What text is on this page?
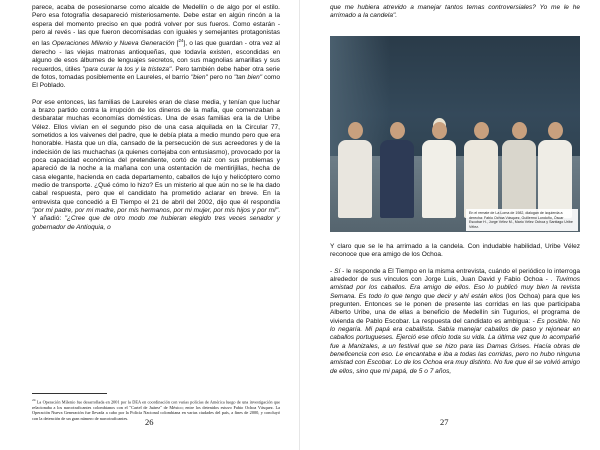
parece, acaba de posesionarse como alcalde de Medellín o de algo por el estilo. Pero esa fotografía desapareció misteriosamente. Debe estar en algún rincón a la espera del momento preciso en que podrá volver por sus fueros. Como estarán - pero al revés - las que fueron decomisadas con iguales y semejantes protagonistas en las Operaciones Milenio y Nueva Generación [$^{24}$], o las que guardan - otra vez al derecho - las viejas matronas antioqueñas, que todavía existen, escondidas en alguno de esos álbumes de lenguajes secretos, con sus magnolias amarillas y sus recuerdos, útiles "para curar la tos y la tristeza". Pero también debe haber otra serie de fotos, tomadas posiblemente en Laureles, el barrio "bien" pero no "tan bien" como El Poblado.

Por ese entonces, las familias de Laureles eran de clase media, y tenían que luchar a brazo partido contra la irrupción de los dineros de la mafia, que comenzaban a desbaratar muchas economías domésticas. Una de esas familias era la de Uribe Vélez. Ellos vivían en el segundo piso de una casa alquilada en la Circular 77, sometidos a los vaivenes del padre, que le debía plata a medio mundo pero que era honorable. Hasta que un día, cansado de la persecución de sus acreedores y de la indecisión de las muchachas (a quienes cortejaba con entusiasmo), provocado por la poca capacidad económica del pretendiente, cortó de raíz con sus problemas y apareció de la noche a la mañana con una ostentación de mentirijillas, hecha de casa elegante, hacienda en cada departamento, caballos de lujo y helicóptero como medio de transporte. ¿Qué cómo lo hizo? Es un misterio al que aún no se le ha dado cabal respuesta, pero que el candidato ha prometido aclarar en breve. En la entrevista que concedió a El Tiempo el 21 de abril del 2002, dijo que él respondía "por mi padre, por mi madre, por mis hermanos, por mi mujer, por mis hijos y por mí". Y añadió: "¿Cree que de otro modo me hubieran elegido tres veces senador y gobernador de Antioquia, o

$^{24}$ La Operación Milenio fue desarrollada en 2001 por la DEA en coordinación con varias policías de América luego de una investigación que relacionaba a los narcotraficantes colombianos con el "Cartel de Juárez" de México; entre los detenidos estuvo Fabio Ochoa Vásquez. La Operación Nueva Generación fue llevada a cabo por la Policía Nacional colombiana en varias ciudades del país, a fines de 2000, y concluyó con la detención de un gran número de narcotraficantes.	26

que me hubiera atrevido a manejar tantos temas controversiales? Yo me le he arrimado a la candela".

En el remate de La Loma de 1982, dialogan de izquierda a derecha: Fabio Ochoa Vásquez, Guillermo Londoño, Óscar Escobar H., Jorge Vélez M., Mario Vélez Ochoa y Santiago Uribe Vélez.

Y claro que se le ha arrimado a la candela. Con indudable habilidad, Uribe Vélez reconoce que era amigo de los Ochoa.

- Sí - le responde a El Tiempo en la misma entrevista, cuándo el periódico lo interroga alrededor de sus vínculos con Jorge Luis, Juan David y Fabio Ochoa - . Tuvimos amistad por los caballos. Era amigo de ellos. Eso lo publicó muy bien la revista Semana. Es todo lo que tengo que decir y ahí están ellos (los Ochoa) para que les pregunten. Entonces se le ponen de presente las corridas en las que participaba Alberto Uribe, una de ellas a beneficio de Medellín sin Tugurios, el programa de vivienda de Pablo Escobar. La respuesta del candidato es ambigua: - Es posible. No lo negaría. Mi papá era caballista. Sabía manejar caballos de paso y rejonear en caballos portugueses. Ejerció ese oficio toda su vida. La última vez que lo acompañé fue a Manizales, a un festival que se hizo para las Damas Grises. Hacía obras de beneficencia con eso. Le encantaba e iba a todas las corridas, pero no hubo ninguna amistad con Escobar. Lo de los Ochoa era muy distinto. No fue que él se volvió amigo de ellos, sino que mi papá, de 5 o 7 años,

27
